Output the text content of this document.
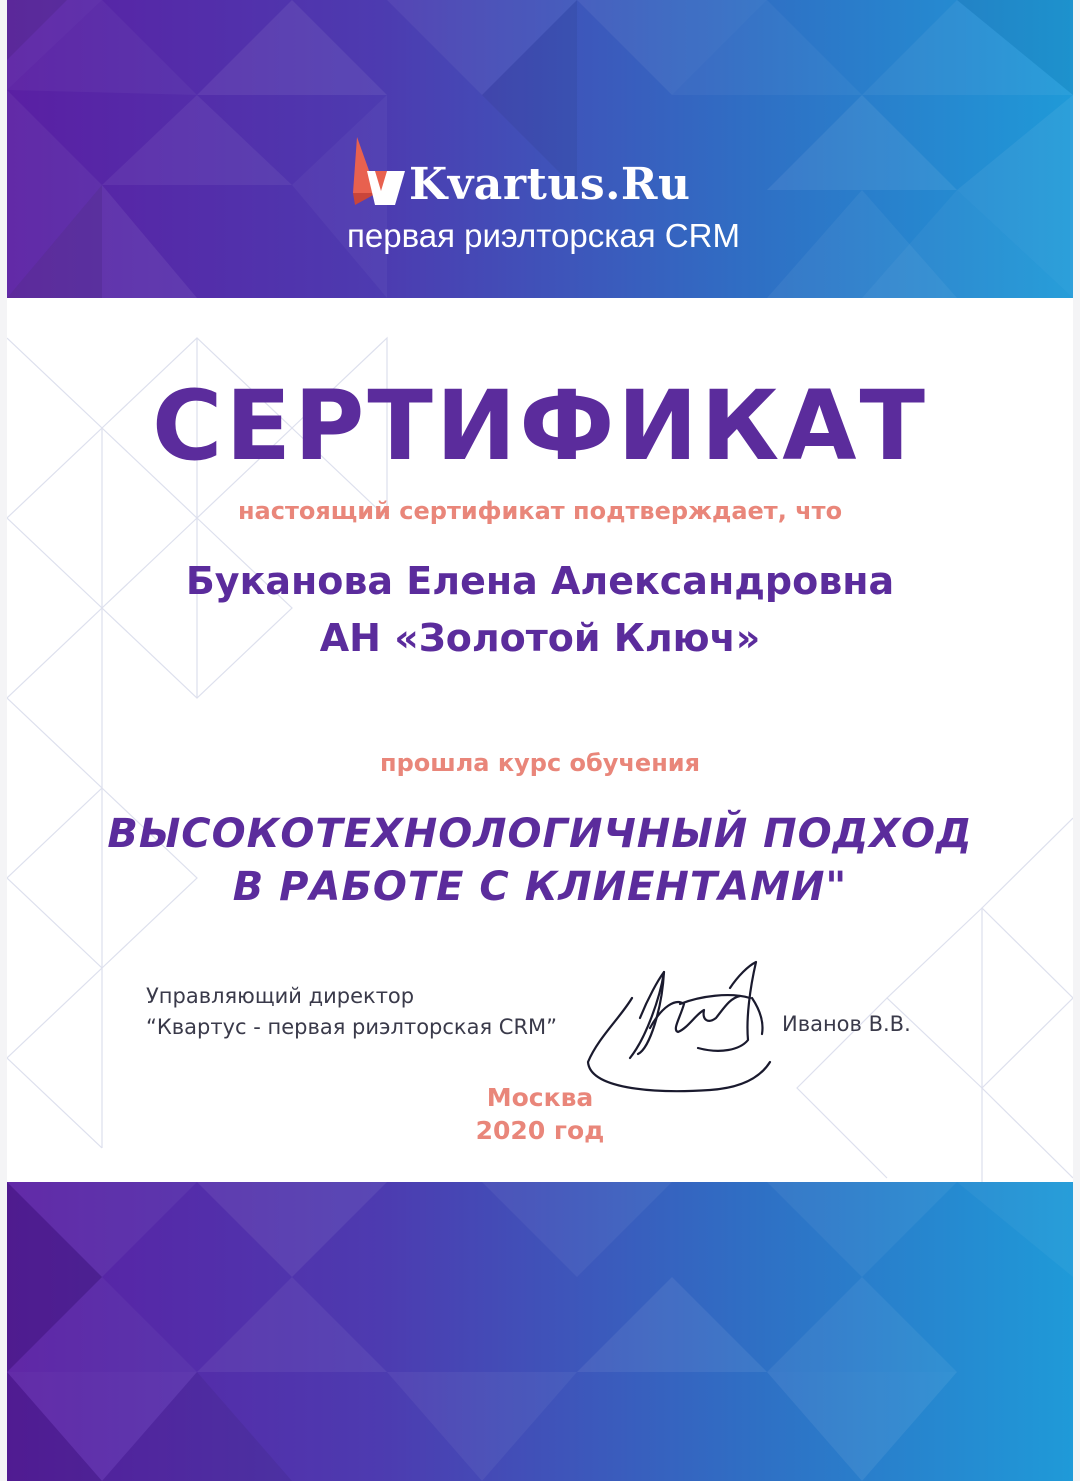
Kvartus.Ru
первая риэлторская CRM
СЕРТИФИКАТ
настоящий сертификат подтверждает, что
Буканова Елена Александровна
АН «Золотой Ключ»
прошла курс обучения
ВЫСОКОТЕХНОЛОГИЧНЫЙ ПОДХОД
В РАБОТЕ С КЛИЕНТАМИ"
Управляющий директор
“Квартус - первая риэлторская CRM”	Иванов В.В.
Москва
2020 год
